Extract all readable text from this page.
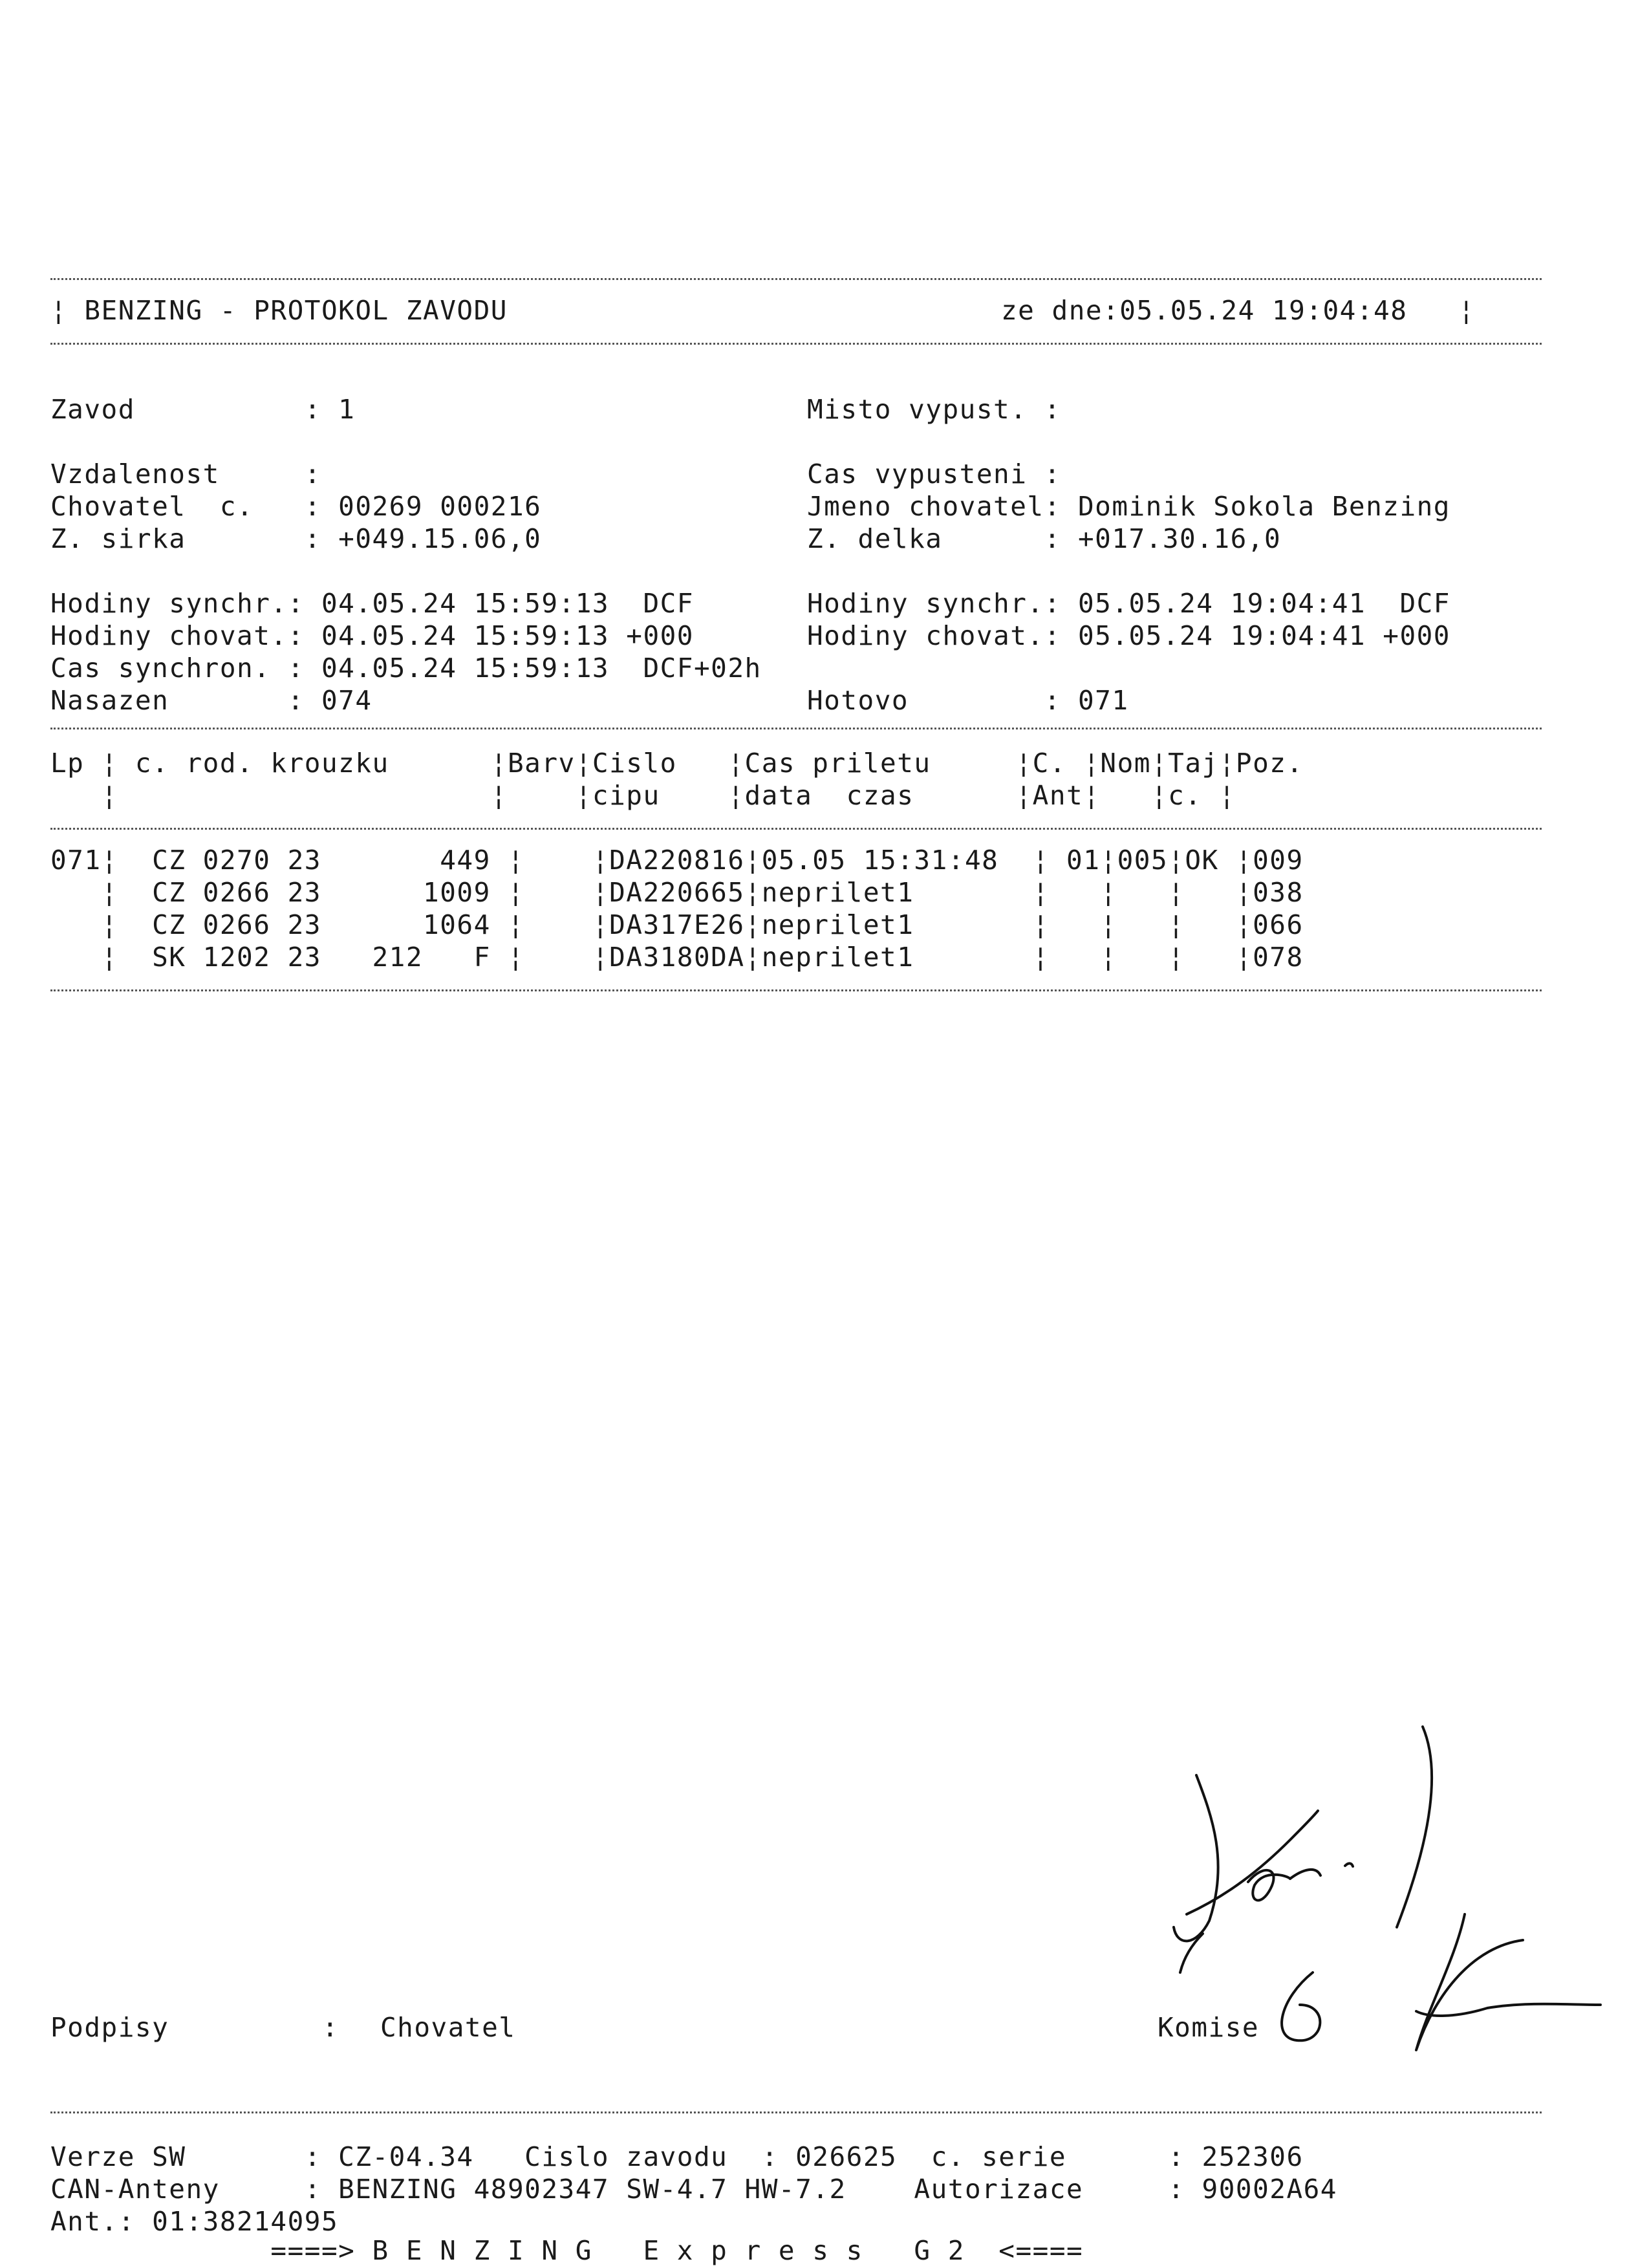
¦ BENZING - PROTOKOL ZAVODU	ze dne:05.05.24 19:04:48   ¦
Zavod          : 1
Vzdalenost     :
Chovatel  c.   : 00269 000216
Z. sirka       : +049.15.06,0
Hodiny synchr.: 04.05.24 15:59:13  DCF
Hodiny chovat.: 04.05.24 15:59:13 +000
Cas synchron. : 04.05.24 15:59:13  DCF+02h
Nasazen       : 074
Misto vypust. :
Cas vypusteni :
Jmeno chovatel: Dominik Sokola Benzing
Z. delka      : +017.30.16,0
Hodiny synchr.: 05.05.24 19:04:41  DCF
Hodiny chovat.: 05.05.24 19:04:41 +000
Hotovo        : 071
Lp ¦ c. rod. krouzku      ¦Barv¦Cislo   ¦Cas priletu     ¦C. ¦Nom¦Taj¦Poz.
¦                      ¦    ¦cipu    ¦data  czas      ¦Ant¦   ¦c. ¦
071¦  CZ 0270 23       449 ¦    ¦DA220816¦05.05 15:31:48  ¦ 01¦005¦OK ¦009
¦  CZ 0266 23      1009 ¦    ¦DA220665¦neprilet1       ¦   ¦   ¦   ¦038
¦  CZ 0266 23      1064 ¦    ¦DA317E26¦neprilet1       ¦   ¦   ¦   ¦066
¦  SK 1202 23   212   F ¦    ¦DA3180DA¦neprilet1       ¦   ¦   ¦   ¦078
Podpisy	: Chovatel	Komise
Verze SW       : CZ-04.34   Cislo zavodu  : 026625  c. serie      : 252306
CAN-Anteny     : BENZING 48902347 SW-4.7 HW-7.2    Autorizace     : 90002A64
Ant.: 01:38214095
====> B E N Z I N G   E x p r e s s   G 2  <====
